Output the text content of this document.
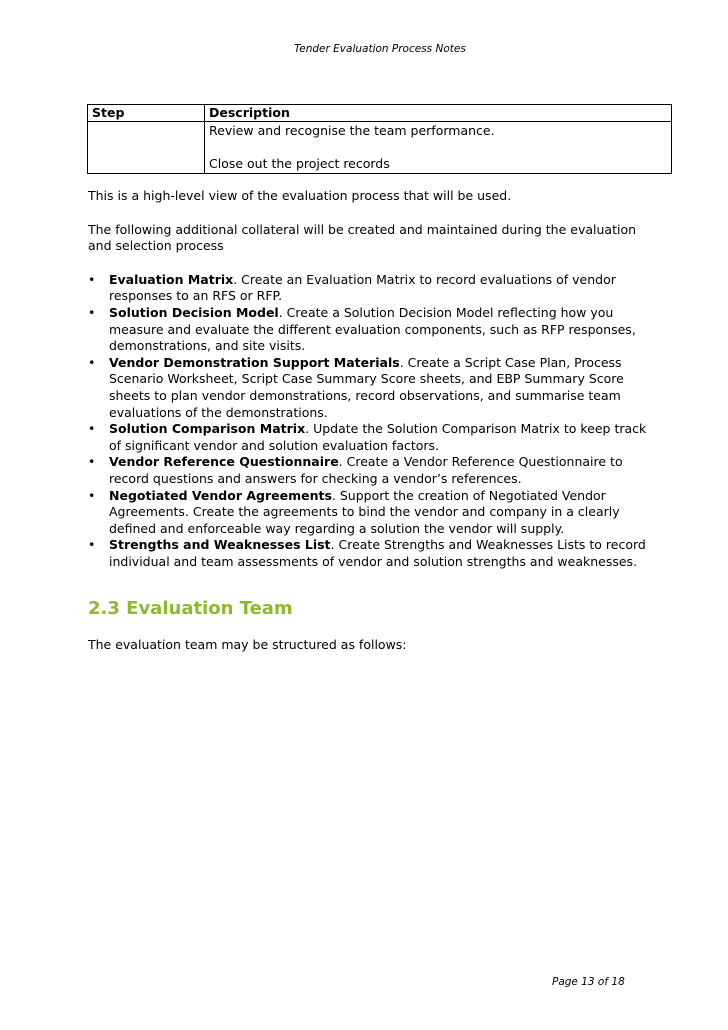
Tender Evaluation Process Notes
Step	Description

	Review and recognise the team performance.

Close out the project records

This is a high-level view of the evaluation process that will be used.

The following additional collateral will be created and maintained during the evaluation and selection process

• Evaluation Matrix. Create an Evaluation Matrix to record evaluations of vendor responses to an RFS or RFP.
• Solution Decision Model. Create a Solution Decision Model reflecting how you measure and evaluate the different evaluation components, such as RFP responses, demonstrations, and site visits.
• Vendor Demonstration Support Materials. Create a Script Case Plan, Process Scenario Worksheet, Script Case Summary Score sheets, and EBP Summary Score sheets to plan vendor demonstrations, record observations, and summarise team evaluations of the demonstrations.
• Solution Comparison Matrix. Update the Solution Comparison Matrix to keep track of significant vendor and solution evaluation factors.
• Vendor Reference Questionnaire. Create a Vendor Reference Questionnaire to record questions and answers for checking a vendor’s references.
• Negotiated Vendor Agreements. Support the creation of Negotiated Vendor Agreements. Create the agreements to bind the vendor and company in a clearly defined and enforceable way regarding a solution the vendor will supply.
• Strengths and Weaknesses List. Create Strengths and Weaknesses Lists to record individual and team assessments of vendor and solution strengths and weaknesses.
2.3 Evaluation Team

The evaluation team may be structured as follows:

Page 13 of 18
